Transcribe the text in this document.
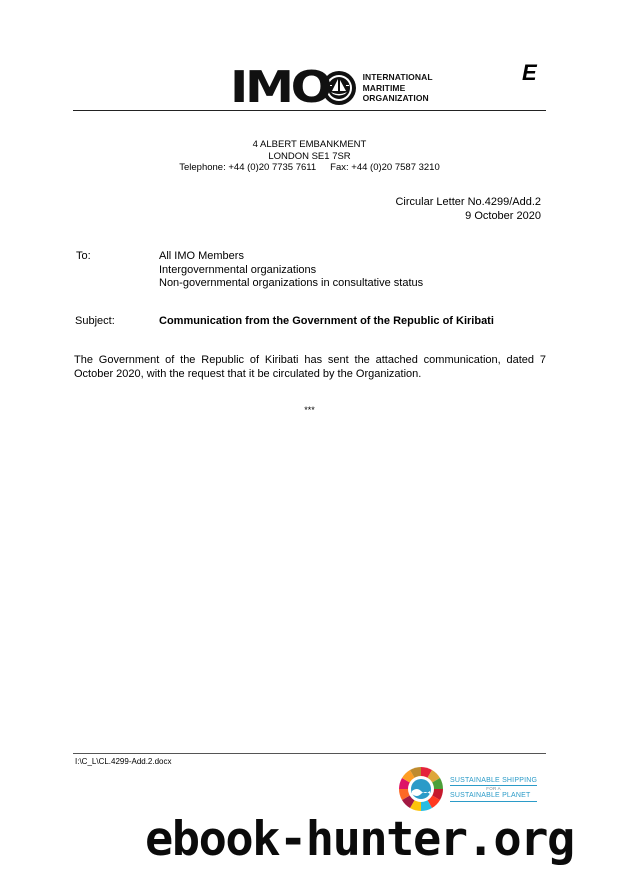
IMO	INTERNATIONAL
MARITIME
ORGANIZATION
E
4 ALBERT EMBANKMENT
LONDON SE1 7SR
Telephone: +44 (0)20 7735 7611 Fax: +44 (0)20 7587 3210
Circular Letter No.4299/Add.2
9 October 2020
To:	All IMO Members
Intergovernmental organizations
Non-governmental organizations in consultative status
Subject:	Communication from the Government of the Republic of Kiribati
The Government of the Republic of Kiribati has sent the attached communication, dated 7 October 2020, with the request that it be circulated by the Organization.
***
I:\C_L\CL.4299-Add.2.docx
SUSTAINABLE SHIPPING
FOR A
SUSTAINABLE PLANET
ebook-hunter.org
